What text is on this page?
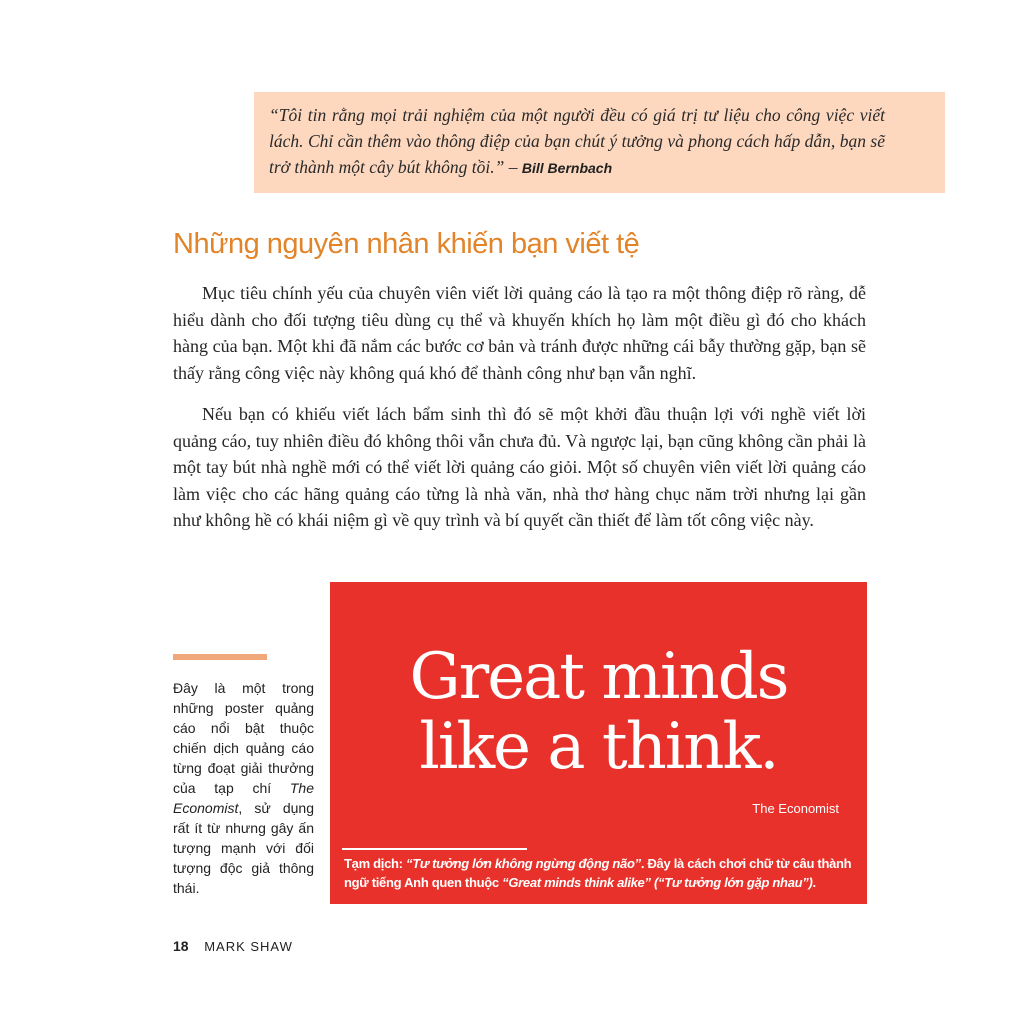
“Tôi tin rằng mọi trải nghiệm của một người đều có giá trị tư liệu cho công việc viết lách. Chỉ cần thêm vào thông điệp của bạn chút ý tưởng và phong cách hấp dẫn, bạn sẽ trở thành một cây bút không tồi.” – Bill Bernbach
Những nguyên nhân khiến bạn viết tệ

Mục tiêu chính yếu của chuyên viên viết lời quảng cáo là tạo ra một thông điệp rõ ràng, dễ hiểu dành cho đối tượng tiêu dùng cụ thể và khuyến khích họ làm một điều gì đó cho khách hàng của bạn. Một khi đã nắm các bước cơ bản và tránh được những cái bẫy thường gặp, bạn sẽ thấy rằng công việc này không quá khó để thành công như bạn vẫn nghĩ.

Nếu bạn có khiếu viết lách bẩm sinh thì đó sẽ một khởi đầu thuận lợi với nghề viết lời quảng cáo, tuy nhiên điều đó không thôi vẫn chưa đủ. Và ngược lại, bạn cũng không cần phải là một tay bút nhà nghề mới có thể viết lời quảng cáo giỏi. Một số chuyên viên viết lời quảng cáo làm việc cho các hãng quảng cáo từng là nhà văn, nhà thơ hàng chục năm trời nhưng lại gần như không hề có khái niệm gì về quy trình và bí quyết cần thiết để làm tốt công việc này.

Đây là một trong những poster quảng cáo nổi bật thuộc chiến dịch quảng cáo từng đoạt giải thưởng của tạp chí The Economist, sử dụng rất ít từ nhưng gây ấn tượng mạnh với đối tượng độc giả thông thái.

Great minds
like a think.
The Economist
Tạm dịch: “Tư tưởng lớn không ngừng động não”. Đây là cách chơi chữ từ câu thành ngữ tiếng Anh quen thuộc “Great minds think alike” (“Tư tưởng lớn gặp nhau”).
18 MARK SHAW
